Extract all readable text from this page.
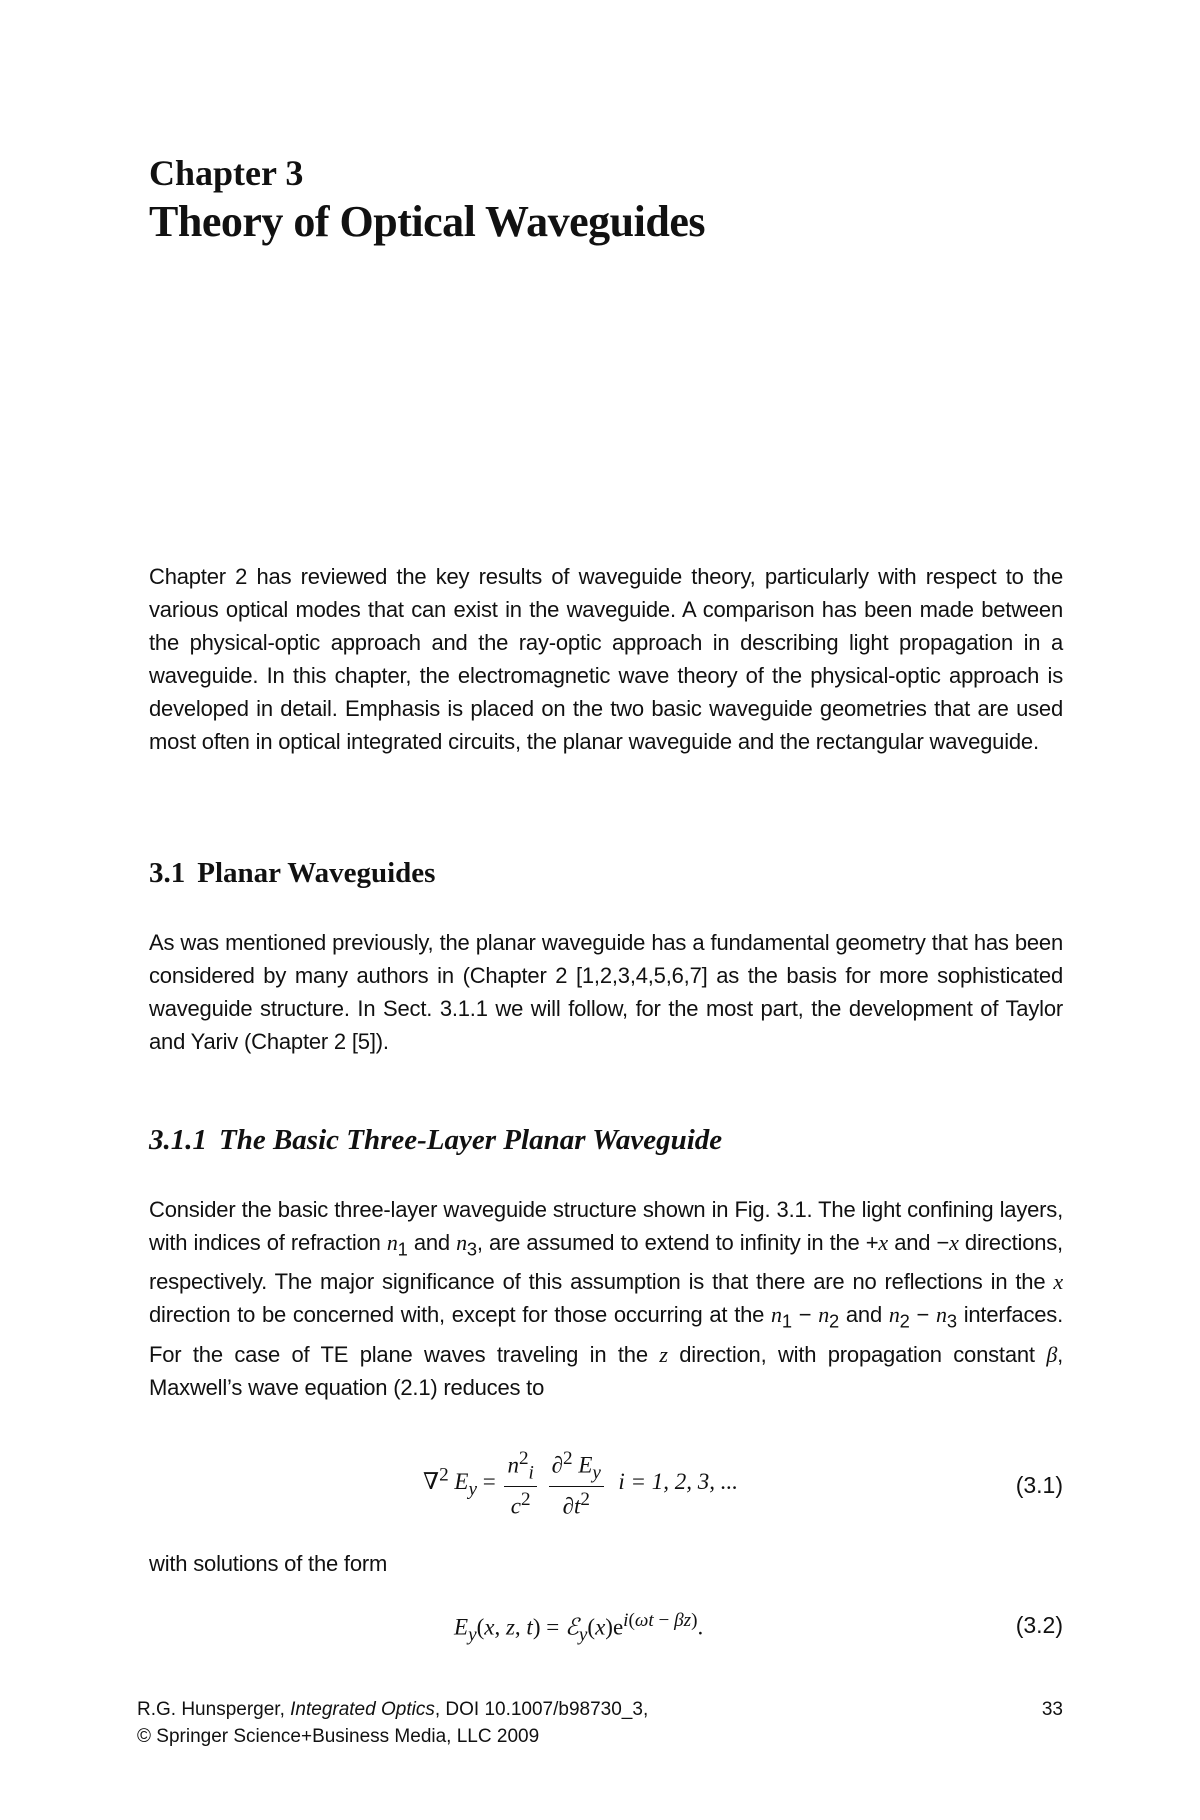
Chapter 3
Theory of Optical Waveguides

Chapter 2 has reviewed the key results of waveguide theory, particularly with respect to the various optical modes that can exist in the waveguide. A comparison has been made between the physical-optic approach and the ray-optic approach in describing light propagation in a waveguide. In this chapter, the electromagnetic wave theory of the physical-optic approach is developed in detail. Emphasis is placed on the two basic waveguide geometries that are used most often in optical integrated circuits, the planar waveguide and the rectangular waveguide.

3.1 Planar Waveguides

As was mentioned previously, the planar waveguide has a fundamental geometry that has been considered by many authors in (Chapter 2 [1,2,3,4,5,6,7] as the basis for more sophisticated waveguide structure. In Sect. 3.1.1 we will follow, for the most part, the development of Taylor and Yariv (Chapter 2 [5]).

3.1.1 The Basic Three-Layer Planar Waveguide

Consider the basic three-layer waveguide structure shown in Fig. 3.1. The light confining layers, with indices of refraction $n_1$ and $n_3$, are assumed to extend to infinity in the +x and −x directions, respectively. The major significance of this assumption is that there are no reflections in the x direction to be concerned with, except for those occurring at the $n_1 - n_2$ and $n_2 - n_3$ interfaces. For the case of TE plane waves traveling in the z direction, with propagation constant β, Maxwell’s wave equation (2.1) reduces to

∇$^2$ $E_y = \frac{n^2_i}{c^2}$
$\frac{\partial^2 E_y}{\partial t^2}$ i = 1, 2, 3, ...	(3.1)

with solutions of the form

$E_y(x$, z, $t) = ℰ_y(x)e^{i(\omega t - \beta z)}$.	(3.2)
R.G. Hunsperger, Integrated Optics, DOI 10.1007/b98730_3,
© Springer Science+Business Media, LLC 2009
33
